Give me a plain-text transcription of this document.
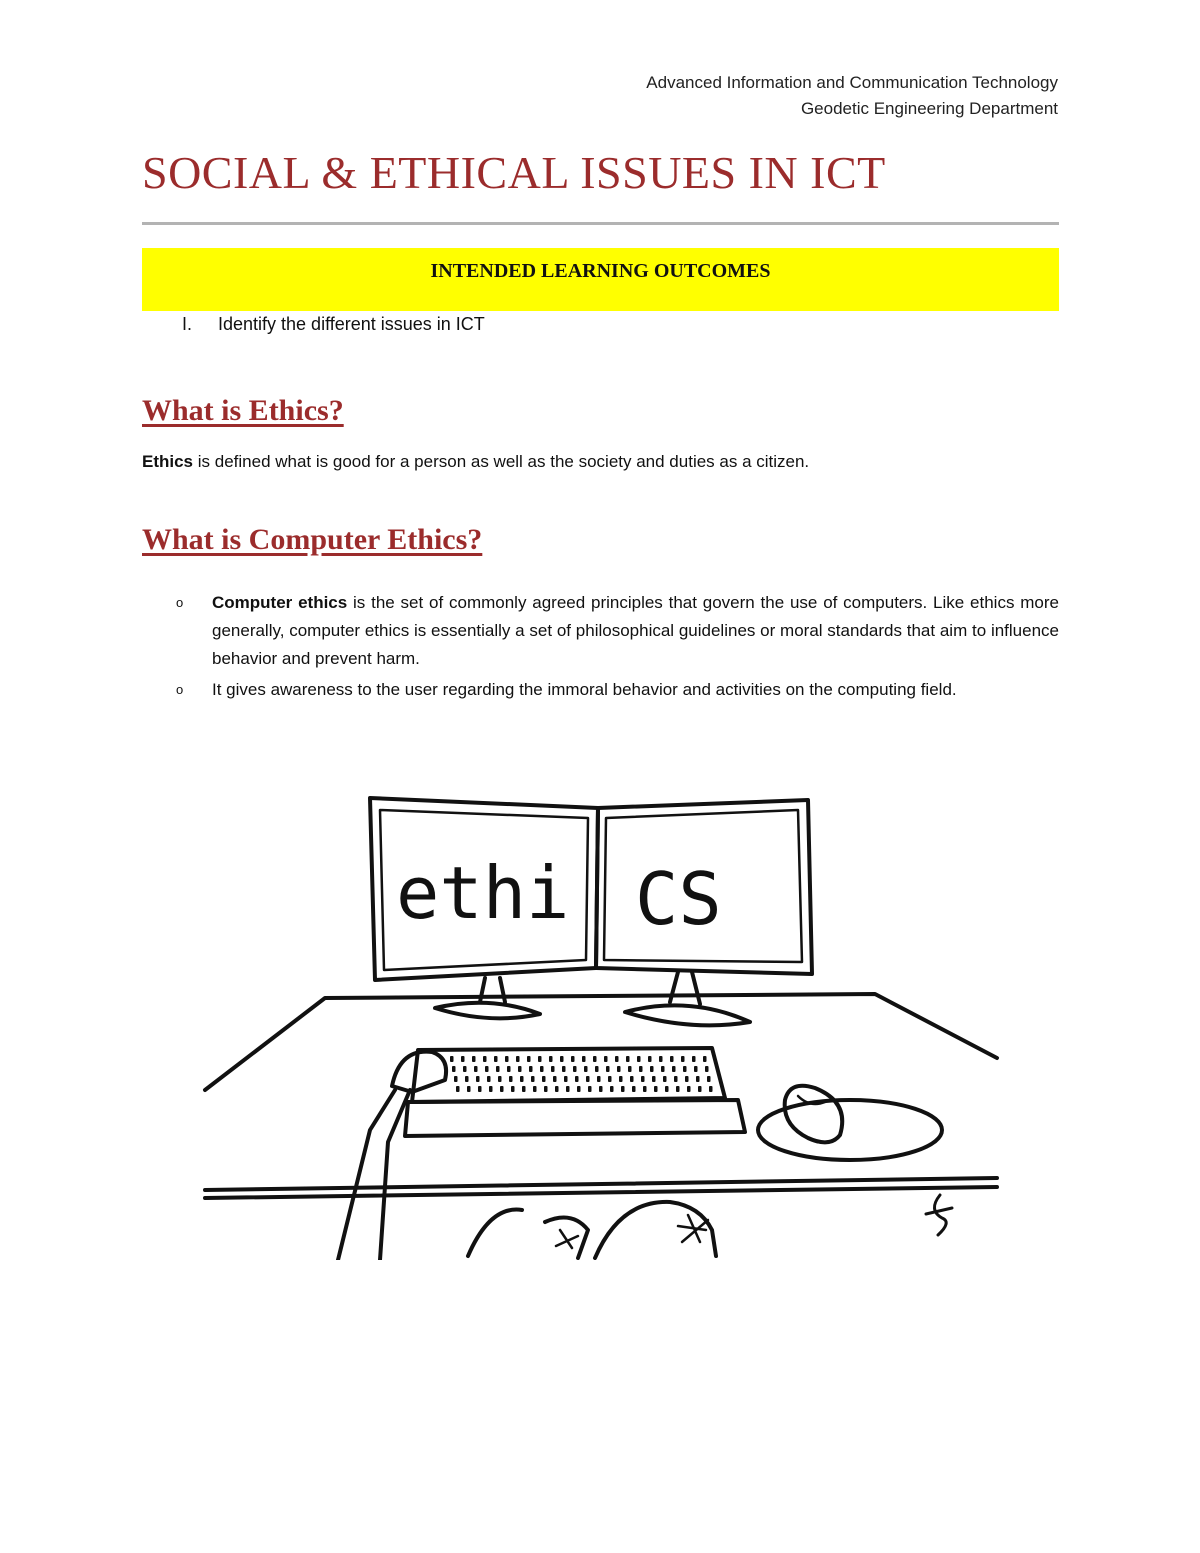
Advanced Information and Communication Technology
Geodetic Engineering Department
SOCIAL & ETHICAL ISSUES IN ICT
INTENDED LEARNING OUTCOMES
I. Identify the different issues in ICT
What is Ethics?
Ethics is defined what is good for a person as well as the society and duties as a citizen.
What is Computer Ethics?
o Computer ethics is the set of commonly agreed principles that govern the use of computers. Like ethics more generally, computer ethics is essentially a set of philosophical guidelines or moral standards that aim to influence behavior and prevent harm.
o It gives awareness to the user regarding the immoral behavior and activities on the computing field.
ethi CS
